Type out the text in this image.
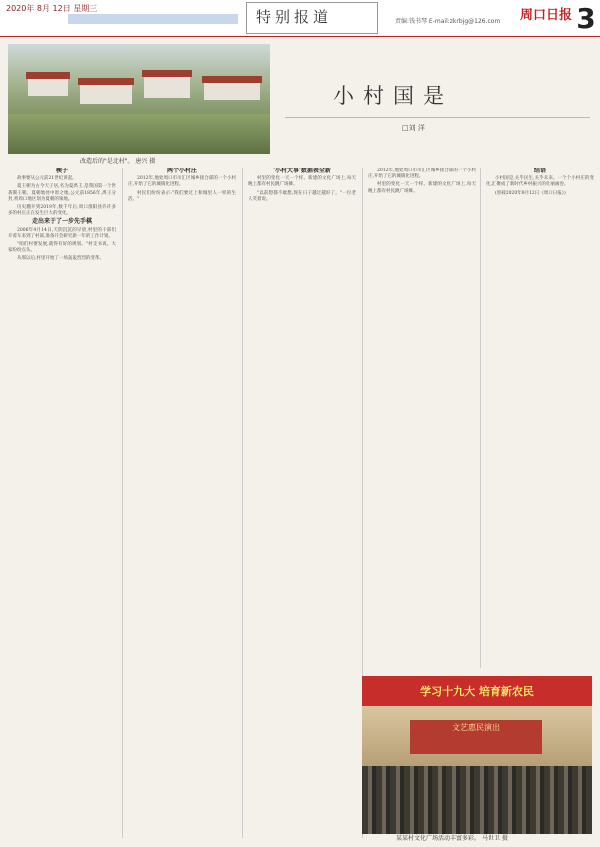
2020年 8月 12日 星期三	特别报道	责编:钱书琴 E-mail:zkrbjg@126.com 周口日报 3
改造后的"是北村"。 唐兴 摄
小村国是
□刘 洋

楔子

故事要从公元前21世纪讲起。

夏王朝为古今天子居,名为夏禹王,是我国第一个世袭制王朝。夏朝地处中原之地,公元前1856年,禹王分封,将周口地区划为夏朝的领地。

历史翻开到2019年,数千年后,周口淮阳县许许多多的村庄正在发生巨大的变化。

走出来于了一步先手棋

2006年4月14日,天阴沉沉的早晨,村里的干部们开着车来到了村部,准备开会研究新一年的工作计划。

"咱们村要发展,就得有好的规划。"村支书说。大家纷纷点头。

从那以后,村里开始了一场轰轰烈烈的变革。

两个小村庄

2012年,地处周口市川汇区城乡接合部的一个小村庄,开始了它的城镇化进程。

村民们纷纷表示:"我们要过上和城里人一样的生活。"

'小村大事'数据表全新

村里的变化一天一个样。新建的文化广场上,每天晚上都有村民跳广场舞。

"以前想都不敢想,现在日子越过越好了。"一位老人笑着说。

2012年,地处周口市川汇区城乡接合部的一个小村庄,开始了它的城镇化进程。

村里的变化一天一个样。新建的文化广场上,每天晚上都有村民跳广场舞。

结语

小村国是,关乎民生,关乎未来。一个个小村庄的变化,汇聚成了新时代乡村振兴的壮丽画卷。

(原载2020年8月12日《周口日报》)

学习十九大 培育新农民
文艺惠民演出
某某村文化广场活动丰富多彩。 马世卫 摄
